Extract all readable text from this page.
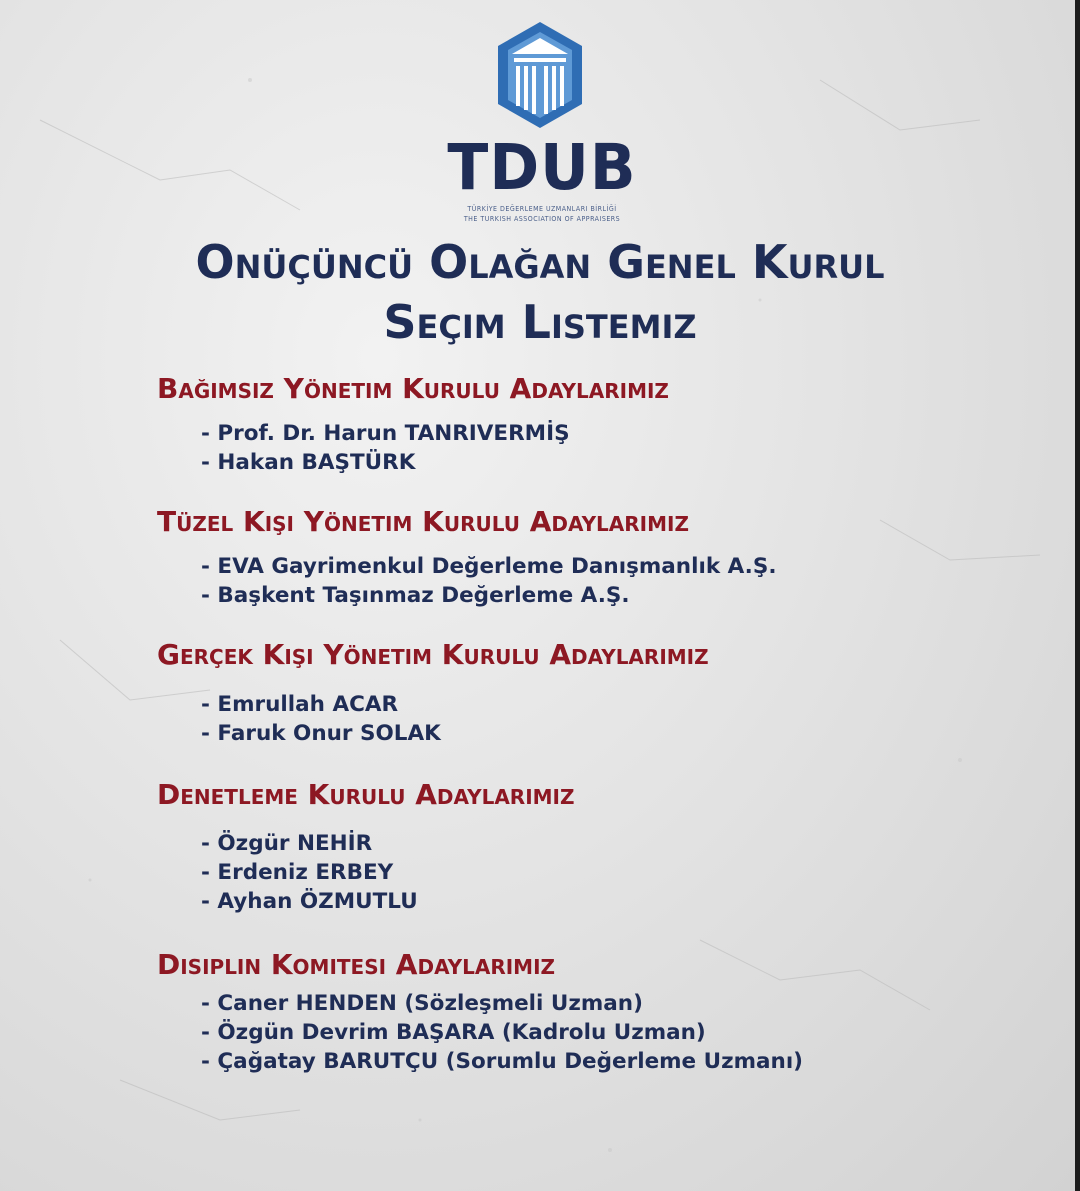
TDUB
TÜRKİYE DEĞERLEME UZMANLARI BİRLİĞİ
THE TURKISH ASSOCIATION OF APPRAISERS
Onüçüncü Olağan Genel Kurul
Seçim Listemiz
Bağımsız Yönetim Kurulu Adaylarımız
- Prof. Dr. Harun TANRIVERMİŞ
- Hakan BAŞTÜRK
Tüzel Kişi Yönetim Kurulu Adaylarımız
- EVA Gayrimenkul Değerleme Danışmanlık A.Ş.
- Başkent Taşınmaz Değerleme A.Ş.
Gerçek Kişi Yönetim Kurulu Adaylarımız
- Emrullah ACAR
- Faruk Onur SOLAK
Denetleme Kurulu Adaylarımız
- Özgür NEHİR
- Erdeniz ERBEY
- Ayhan ÖZMUTLU
Disiplin Komitesi Adaylarımız
- Caner HENDEN (Sözleşmeli Uzman)
- Özgün Devrim BAŞARA (Kadrolu Uzman)
- Çağatay BARUTÇU (Sorumlu Değerleme Uzmanı)
